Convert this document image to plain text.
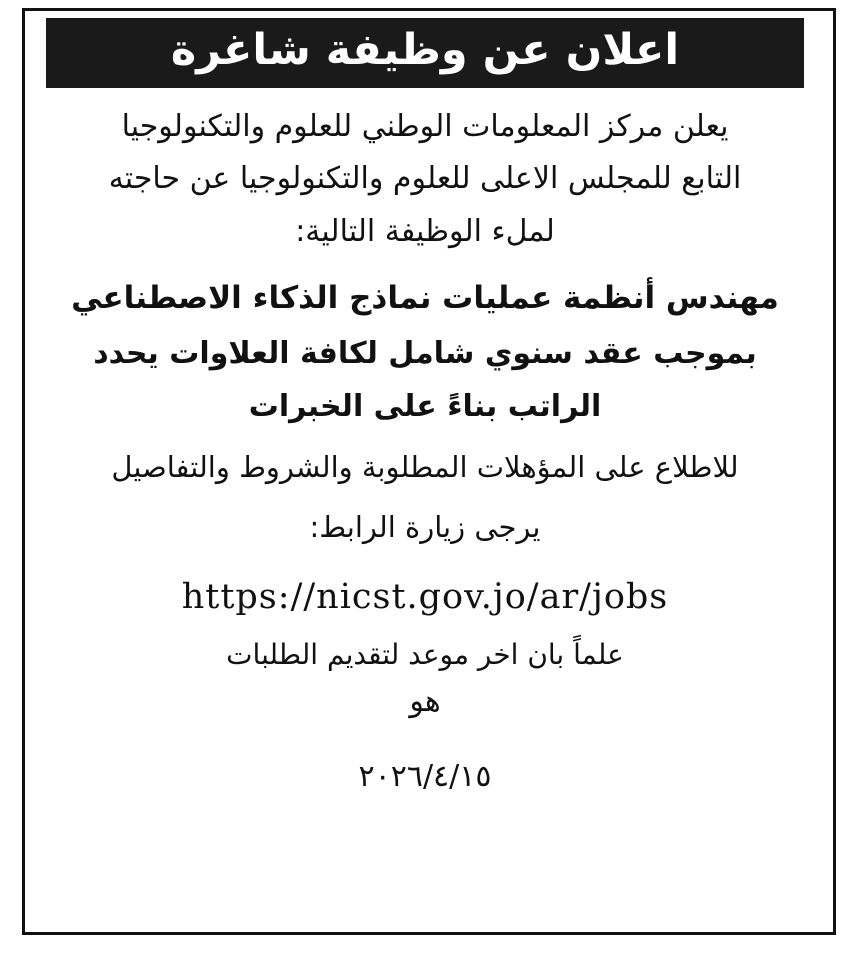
اعلان عن وظيفة شاغرة

يعلن مركز المعلومات الوطني للعلوم والتكنولوجيا

التابع للمجلس الاعلى للعلوم والتكنولوجيا عن حاجته

لملء الوظيفة التالية:

مهندس أنظمة عمليات نماذج الذكاء الاصطناعي

بموجب عقد سنوي شامل لكافة العلاوات يحدد

الراتب بناءً على الخبرات

للاطلاع على المؤهلات المطلوبة والشروط والتفاصيل

يرجى زيارة الرابط:

https://nicst.gov.jo/ar/jobs

علماً بان اخر موعد لتقديم الطلبات

هو

٢٠٢٦/٤/١٥
